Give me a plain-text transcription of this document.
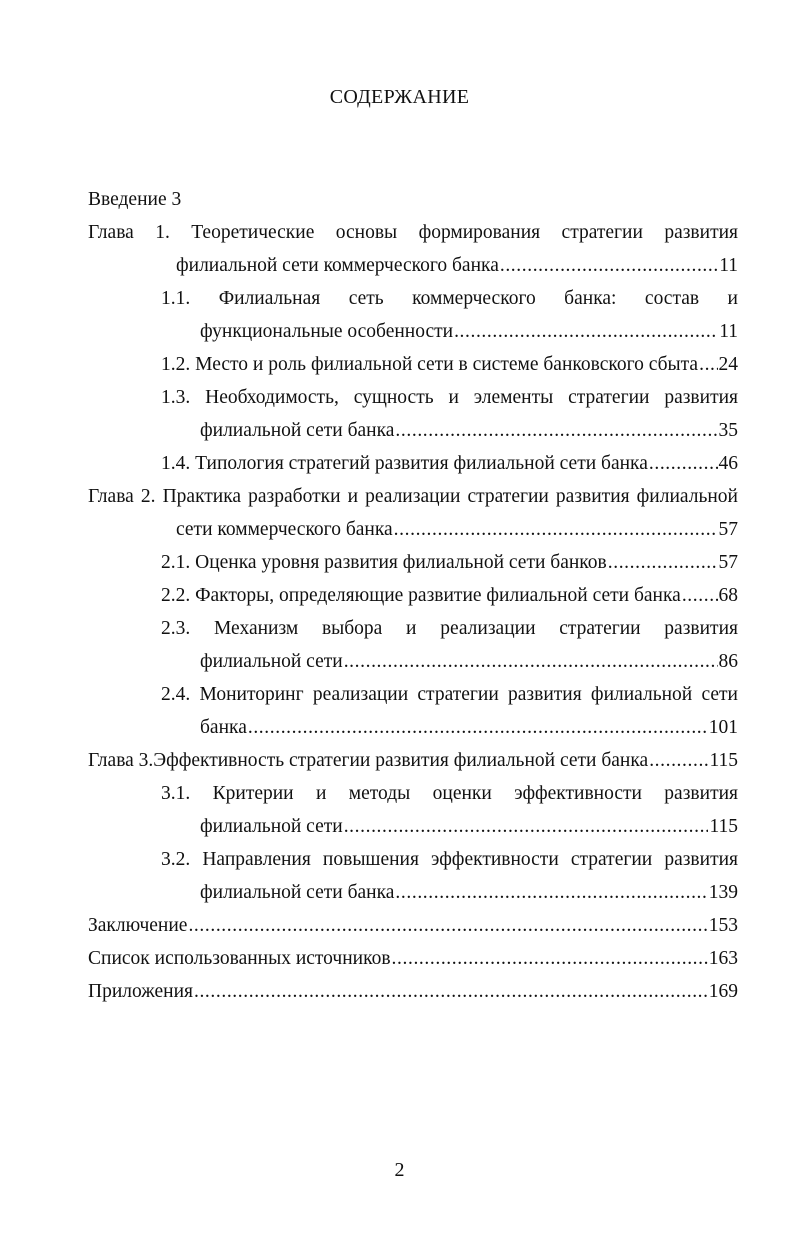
СОДЕРЖАНИЕ
Введение 3
Глава 1. Теоретические основы формирования стратегии развития
филиальной сети коммерческого банка .....	11
1.1. Филиальная сеть коммерческого банка: состав и
функциональные особенности .....	11
1.2. Место и роль филиальной сети в системе банковского сбыта ..... 24
1.3. Необходимость, сущность и элементы стратегии развития
филиальной сети банка .....	35
1.4. Типология стратегий развития филиальной сети банка .....	46
Глава 2. Практика разработки и реализации стратегии развития филиальной
сети коммерческого банка .....	57
2.1. Оценка уровня развития филиальной сети банков .....	57
2.2. Факторы, определяющие развитие филиальной сети банка ..... 68
2.3. Механизм выбора и реализации стратегии развития
филиальной сети .....	86
2.4. Мониторинг реализации стратегии развития филиальной сети
банка .....	101
Глава 3.Эффективность стратегии развития филиальной сети банка .....	115
3.1. Критерии и методы оценки эффективности развития
филиальной сети .....	115
3.2. Направления повышения эффективности стратегии развития
филиальной сети банка .....	139
Заключение .....	153
Список использованных источников .....	163
Приложения .....	169
2
